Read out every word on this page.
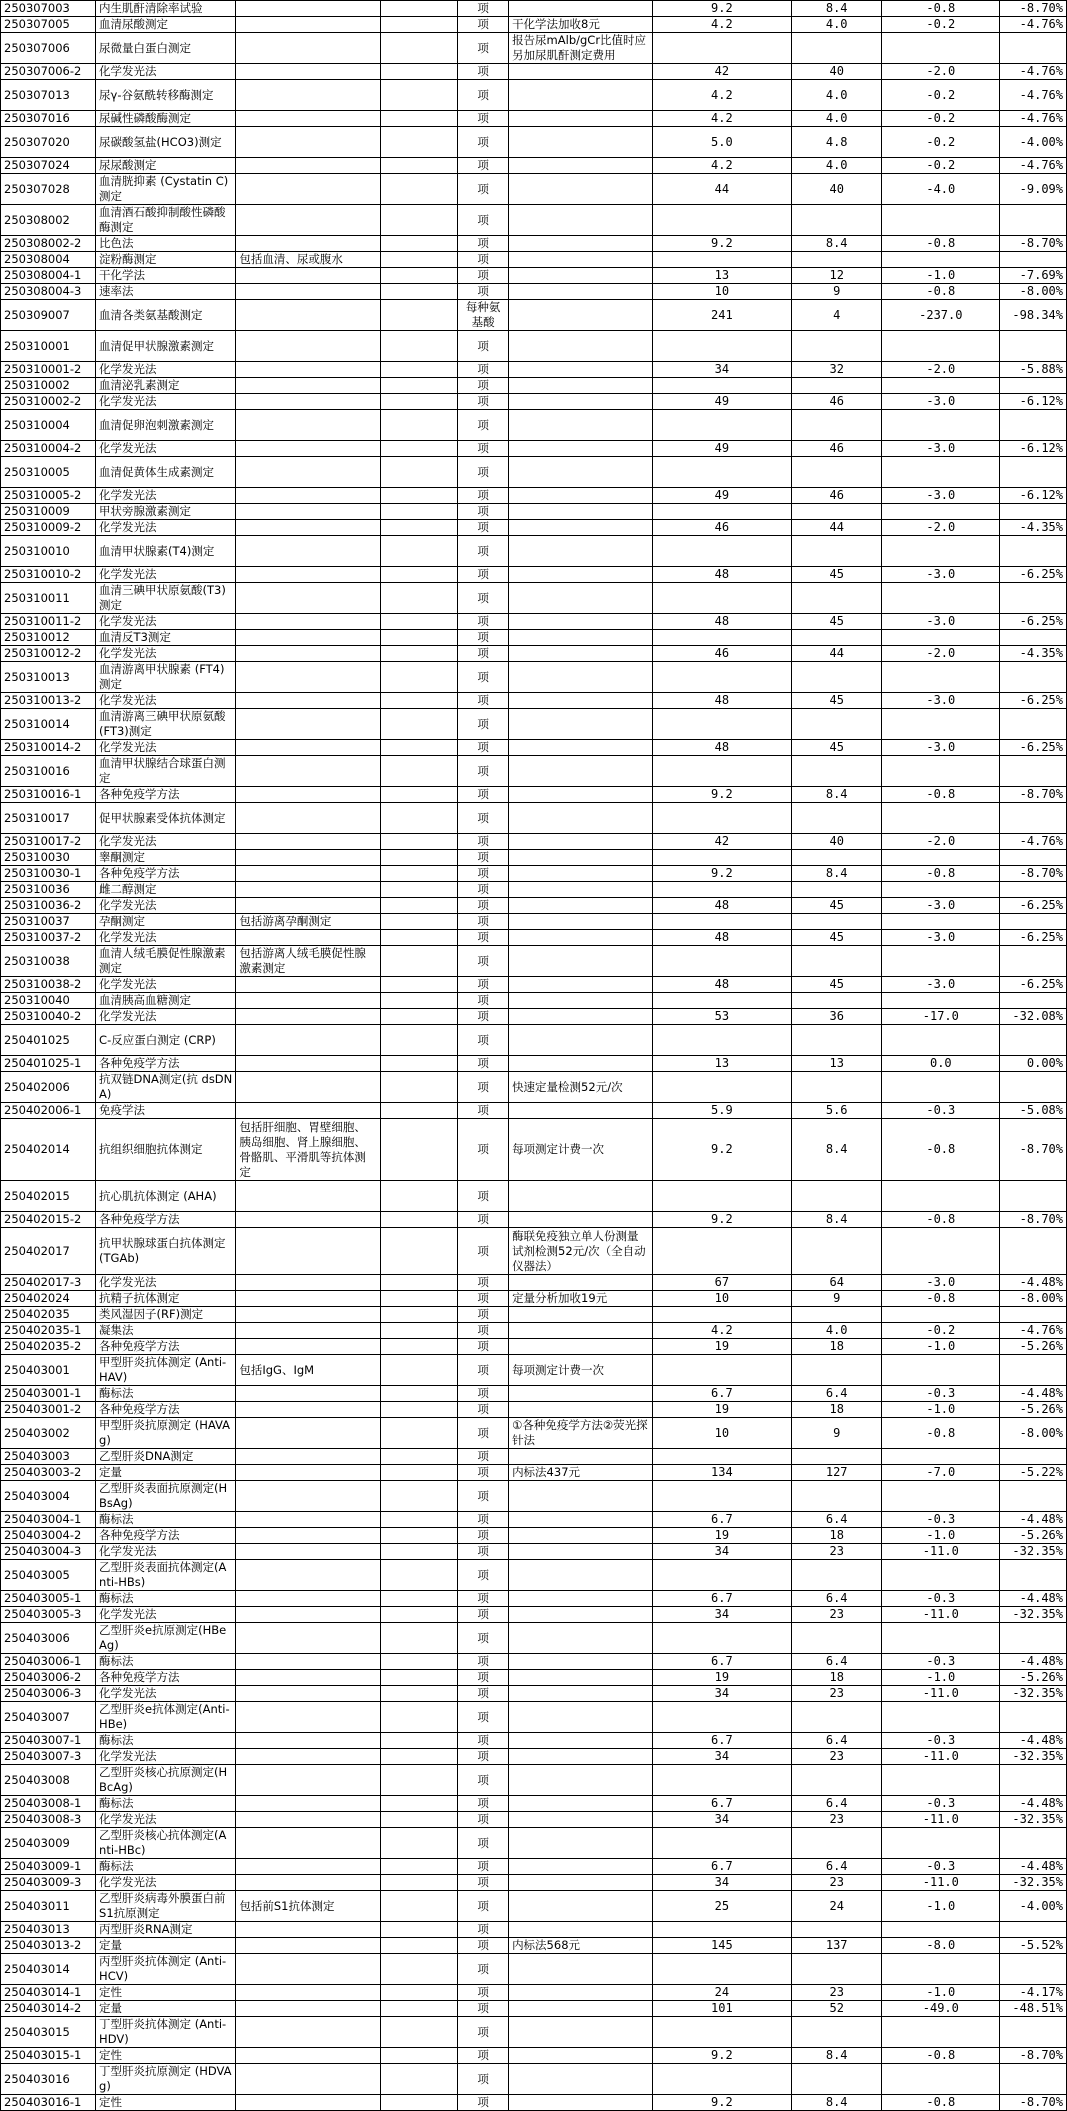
250307003	内生肌酐清除率试验			项		9.2	8.4	-0.8	-8.70%
250307005	血清尿酸测定			项	干化学法加收8元	4.2	4.0	-0.2	-4.76%
250307006	尿微量白蛋白测定			项	报告尿mAlb/gCr比值时应另加尿肌酐测定费用				
250307006-2	化学发光法			项		42	40	-2.0	-4.76%
250307013	尿γ-谷氨酰转移酶测定			项		4.2	4.0	-0.2	-4.76%
250307016	尿碱性磷酸酶测定			项		4.2	4.0	-0.2	-4.76%
250307020	尿碳酸氢盐(HCO3)测定			项		5.0	4.8	-0.2	-4.00%
250307024	尿尿酸测定			项		4.2	4.0	-0.2	-4.76%
250307028	血清胱抑素 (Cystatin C)测定			项		44	40	-4.0	-9.09%
250308002	血清酒石酸抑制酸性磷酸酶测定			项					
250308002-2	比色法			项		9.2	8.4	-0.8	-8.70%
250308004	淀粉酶测定	包括血清、尿或腹水		项					
250308004-1	干化学法			项		13	12	-1.0	-7.69%
250308004-3	速率法			项		10	9	-0.8	-8.00%
250309007	血清各类氨基酸测定			每种氨基酸		241	4	-237.0	-98.34%
250310001	血清促甲状腺激素测定			项					
250310001-2	化学发光法			项		34	32	-2.0	-5.88%
250310002	血清泌乳素测定			项					
250310002-2	化学发光法			项		49	46	-3.0	-6.12%
250310004	血清促卵泡刺激素测定			项					
250310004-2	化学发光法			项		49	46	-3.0	-6.12%
250310005	血清促黄体生成素测定			项					
250310005-2	化学发光法			项		49	46	-3.0	-6.12%
250310009	甲状旁腺激素测定			项					
250310009-2	化学发光法			项		46	44	-2.0	-4.35%
250310010	血清甲状腺素(T4)测定			项					
250310010-2	化学发光法			项		48	45	-3.0	-6.25%
250310011	血清三碘甲状原氨酸(T3)测定			项					
250310011-2	化学发光法			项		48	45	-3.0	-6.25%
250310012	血清反T3测定			项					
250310012-2	化学发光法			项		46	44	-2.0	-4.35%
250310013	血清游离甲状腺素 (FT4)测定			项					
250310013-2	化学发光法			项		48	45	-3.0	-6.25%
250310014	血清游离三碘甲状原氨酸(FT3)测定			项					
250310014-2	化学发光法			项		48	45	-3.0	-6.25%
250310016	血清甲状腺结合球蛋白测定			项					
250310016-1	各种免疫学方法			项		9.2	8.4	-0.8	-8.70%
250310017	促甲状腺素受体抗体测定			项					
250310017-2	化学发光法			项		42	40	-2.0	-4.76%
250310030	睾酮测定			项					
250310030-1	各种免疫学方法			项		9.2	8.4	-0.8	-8.70%
250310036	雌二醇测定			项					
250310036-2	化学发光法			项		48	45	-3.0	-6.25%
250310037	孕酮测定	包括游离孕酮测定		项					
250310037-2	化学发光法			项		48	45	-3.0	-6.25%
250310038	血清人绒毛膜促性腺激素测定	包括游离人绒毛膜促性腺激素测定		项					
250310038-2	化学发光法			项		48	45	-3.0	-6.25%
250310040	血清胰高血糖测定			项					
250310040-2	化学发光法			项		53	36	-17.0	-32.08%
250401025	C-反应蛋白测定 (CRP)			项					
250401025-1	各种免疫学方法			项		13	13	0.0	0.00%
250402006	抗双链DNA测定(抗 dsDNA)			项	快速定量检测52元/次				
250402006-1	免疫学法			项		5.9	5.6	-0.3	-5.08%
250402014	抗组织细胞抗体测定	包括肝细胞、胃壁细胞、胰岛细胞、肾上腺细胞、骨骼肌、平滑肌等抗体测定		项	每项测定计费一次	9.2	8.4	-0.8	-8.70%
250402015	抗心肌抗体测定 (AHA)			项					
250402015-2	各种免疫学方法			项		9.2	8.4	-0.8	-8.70%
250402017	抗甲状腺球蛋白抗体测定(TGAb)			项	酶联免疫独立单人份测量试剂检测52元/次（全自动仪器法）				
250402017-3	化学发光法			项		67	64	-3.0	-4.48%
250402024	抗精子抗体测定			项	定量分析加收19元	10	9	-0.8	-8.00%
250402035	类风湿因子(RF)测定			项					
250402035-1	凝集法			项		4.2	4.0	-0.2	-4.76%
250402035-2	各种免疫学方法			项		19	18	-1.0	-5.26%
250403001	甲型肝炎抗体测定 (Anti-HAV)	包括IgG、IgM		项	每项测定计费一次				
250403001-1	酶标法			项		6.7	6.4	-0.3	-4.48%
250403001-2	各种免疫学方法			项		19	18	-1.0	-5.26%
250403002	甲型肝炎抗原测定 (HAVAg)			项	①各种免疫学方法②荧光探针法	10	9	-0.8	-8.00%
250403003	乙型肝炎DNA测定			项					
250403003-2	定量			项	内标法437元	134	127	-7.0	-5.22%
250403004	乙型肝炎表面抗原测定(HBsAg)			项					
250403004-1	酶标法			项		6.7	6.4	-0.3	-4.48%
250403004-2	各种免疫学方法			项		19	18	-1.0	-5.26%
250403004-3	化学发光法			项		34	23	-11.0	-32.35%
250403005	乙型肝炎表面抗体测定(Anti-HBs)			项					
250403005-1	酶标法			项		6.7	6.4	-0.3	-4.48%
250403005-3	化学发光法			项		34	23	-11.0	-32.35%
250403006	乙型肝炎e抗原测定(HBeAg)			项					
250403006-1	酶标法			项		6.7	6.4	-0.3	-4.48%
250403006-2	各种免疫学方法			项		19	18	-1.0	-5.26%
250403006-3	化学发光法			项		34	23	-11.0	-32.35%
250403007	乙型肝炎e抗体测定(Anti-HBe)			项					
250403007-1	酶标法			项		6.7	6.4	-0.3	-4.48%
250403007-3	化学发光法			项		34	23	-11.0	-32.35%
250403008	乙型肝炎核心抗原测定(HBcAg)			项					
250403008-1	酶标法			项		6.7	6.4	-0.3	-4.48%
250403008-3	化学发光法			项		34	23	-11.0	-32.35%
250403009	乙型肝炎核心抗体测定(Anti-HBc)			项					
250403009-1	酶标法			项		6.7	6.4	-0.3	-4.48%
250403009-3	化学发光法			项		34	23	-11.0	-32.35%
250403011	乙型肝炎病毒外膜蛋白前S1抗原测定	包括前S1抗体测定		项		25	24	-1.0	-4.00%
250403013	丙型肝炎RNA测定			项					
250403013-2	定量			项	内标法568元	145	137	-8.0	-5.52%
250403014	丙型肝炎抗体测定 (Anti-HCV)			项					
250403014-1	定性			项		24	23	-1.0	-4.17%
250403014-2	定量			项		101	52	-49.0	-48.51%
250403015	丁型肝炎抗体测定 (Anti-HDV)			项					
250403015-1	定性			项		9.2	8.4	-0.8	-8.70%
250403016	丁型肝炎抗原测定 (HDVAg)			项					
250403016-1	定性			项		9.2	8.4	-0.8	-8.70%
